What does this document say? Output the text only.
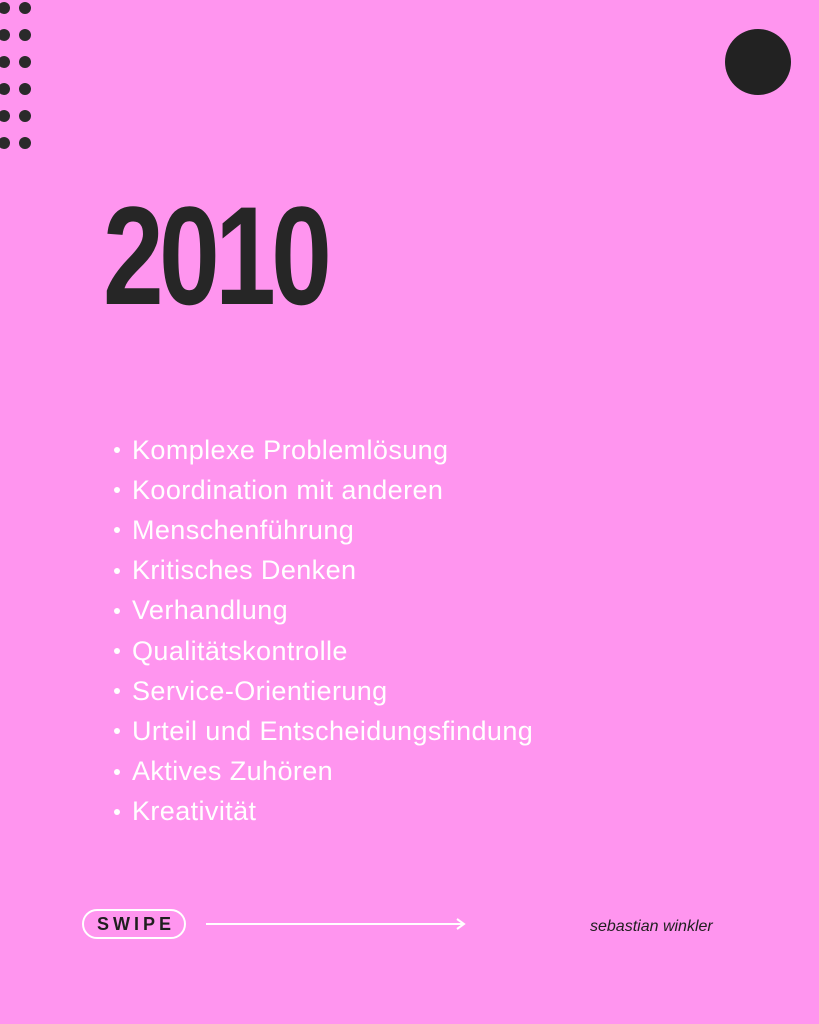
2010
Komplexe Problemlösung
Koordination mit anderen
Menschenführung
Kritisches Denken
Verhandlung
Qualitätskontrolle
Service-Orientierung
Urteil und Entscheidungsfindung
Aktives Zuhören
Kreativität
SWIPE	sebastian winkler
